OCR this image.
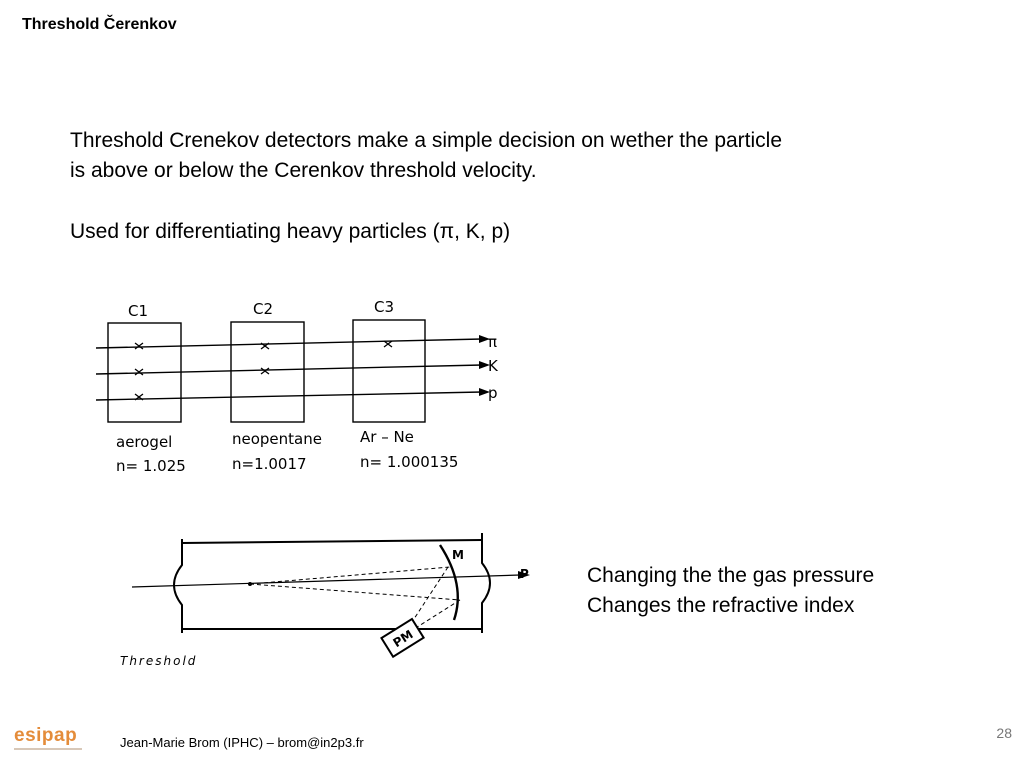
Threshold Čerenkov

Threshold Crenekov detectors make a simple decision on wether the particle

is above or below the Cerenkov threshold velocity.

Used for differentiating heavy particles (π, K, p)

C1	C2	C3
π
K
p
aerogel	neopentane	Ar – Ne
n= 1.025	n=1.0017	n= 1.000135
PM
M
P
Threshold
Changing the the gas pressure
Changes the refractive index
esipap	Jean-Marie Brom (IPHC) – brom@in2p3.fr
28
